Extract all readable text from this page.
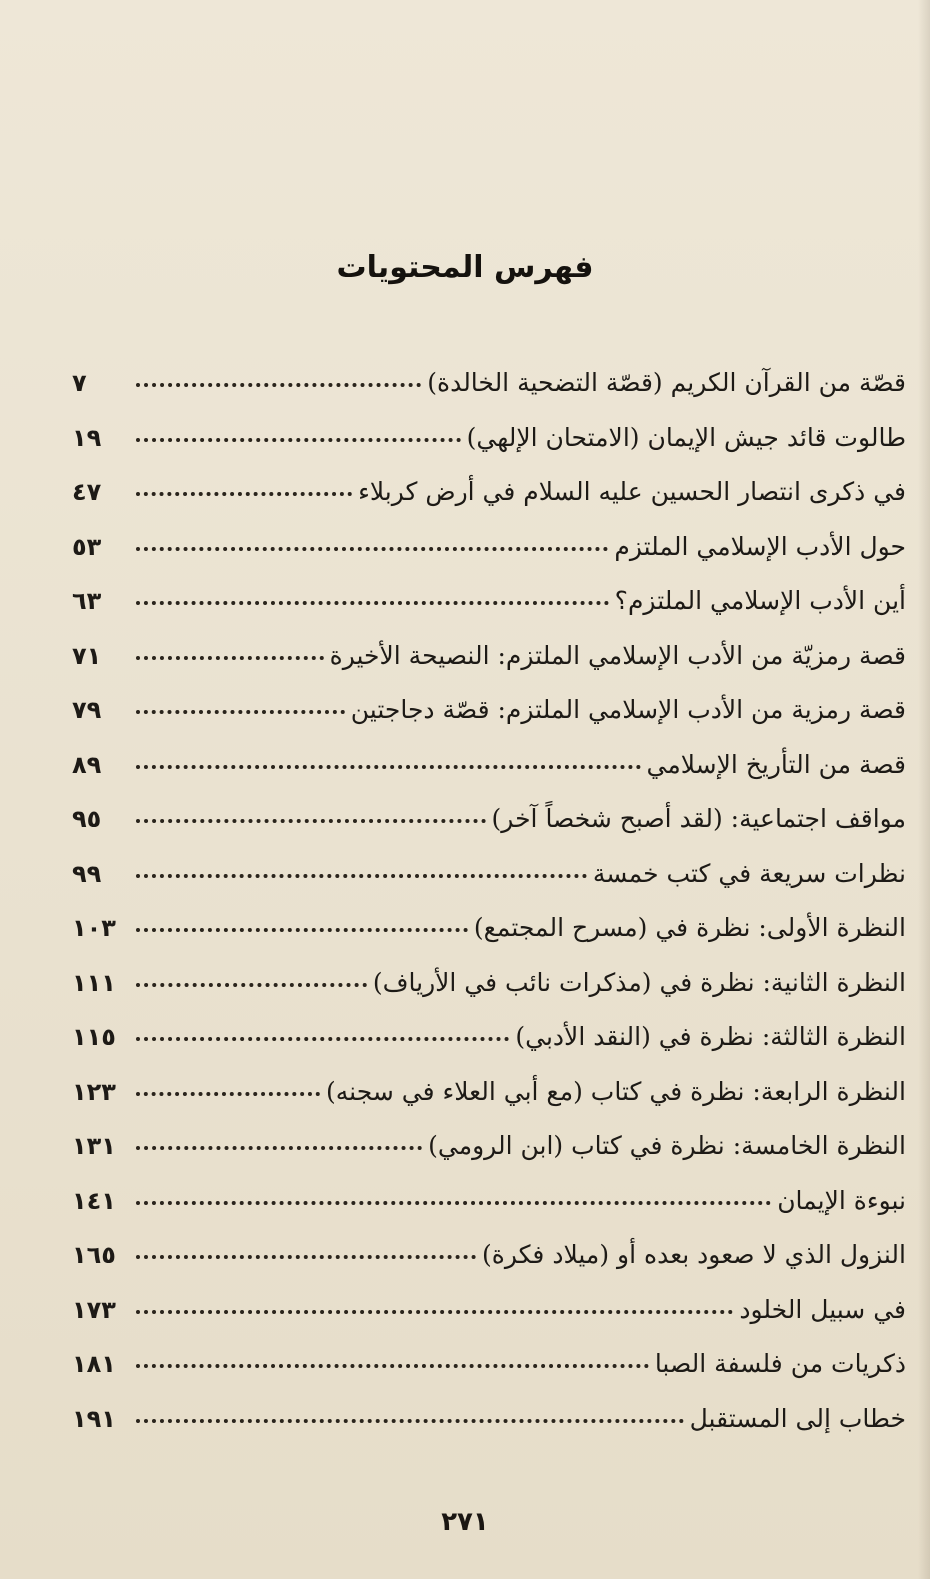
فهرس المحتويات
قصّة من القرآن الكريم (قصّة التضحية الخالدة)
٧
طالوت قائد جيش الإيمان (الامتحان الإلهي)
١٩
في ذكرى انتصار الحسين عليه السلام في أرض كربلاء
٤٧
حول الأدب الإسلامي الملتزم
٥٣
أين الأدب الإسلامي الملتزم؟
٦٣
قصة رمزيّة من الأدب الإسلامي الملتزم: النصيحة الأخيرة
٧١
قصة رمزية من الأدب الإسلامي الملتزم: قصّة دجاجتين
٧٩
قصة من التأريخ الإسلامي
٨٩
مواقف اجتماعية: (لقد أصبح شخصاً آخر)
٩٥
نظرات سريعة في كتب خمسة
٩٩
النظرة الأولى: نظرة في (مسرح المجتمع)
١٠٣
النظرة الثانية: نظرة في (مذكرات نائب في الأرياف)
١١١
النظرة الثالثة: نظرة في (النقد الأدبي)
١١٥
النظرة الرابعة: نظرة في كتاب (مع أبي العلاء في سجنه)
١٢٣
النظرة الخامسة: نظرة في كتاب (ابن الرومي)
١٣١
نبوءة الإيمان
١٤١
النزول الذي لا صعود بعده أو (ميلاد فكرة)
١٦٥
في سبيل الخلود
١٧٣
ذكريات من فلسفة الصبا
١٨١
خطاب إلى المستقبل
١٩١
٢٧١
